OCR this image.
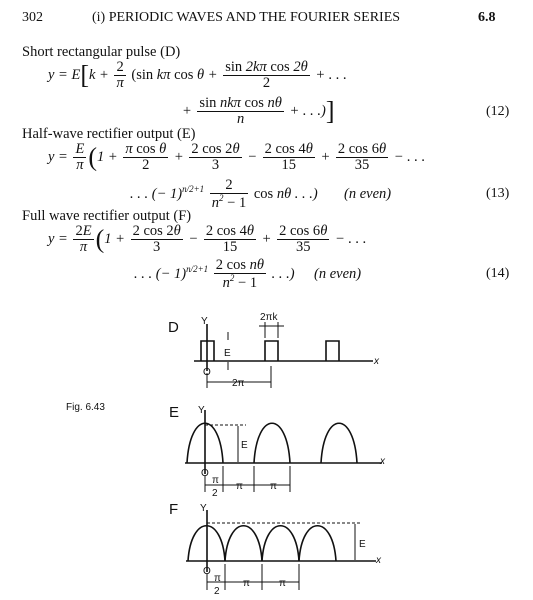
302	(i) PERIODIC WAVES AND THE FOURIER SERIES	6.8
Short rectangular pulse (D)
$y = E[k + \frac{2}{\pi} (\sin$ kπ $\cos \theta + \frac{\text{sin 2kπ cos 2θ}}{2}$ + . . .
+ $\frac{\text{sin nkπ cos nθ}}{n}$ + . . .)]	(12)
Half-wave rectifier output (E)
$y = \frac{E}{\pi} (1 + \frac{\text{π cos θ}}{2} + \frac{2 \cos 2\theta}{3} - \frac{2 \cos 4\theta}{15} + \frac{2 \cos 6\theta}{35}$ − . . .
. . . (− $1)^{n/2+1} \frac{2}{n^2 - 1}$ cos nθ . . .) (n even)	(13)
Full wave rectifier output (F)
$y = \frac{2E}{\pi} (1 + \frac{2 \cos 2\theta}{3} - \frac{2 \cos 4\theta}{15} + \frac{2 \cos 6\theta}{35}$ − . . .
. . . (− $1)^{n/2+1} \frac{\text{2 cos nθ}}{n^2 - 1}$ . . .) (n even)	(14)
Fig. 6.43
D Y
x
E
2πk
2π
O
E Y
x
E
O
π
2
π	π
F Y
x
E
O
π
2
π	π
